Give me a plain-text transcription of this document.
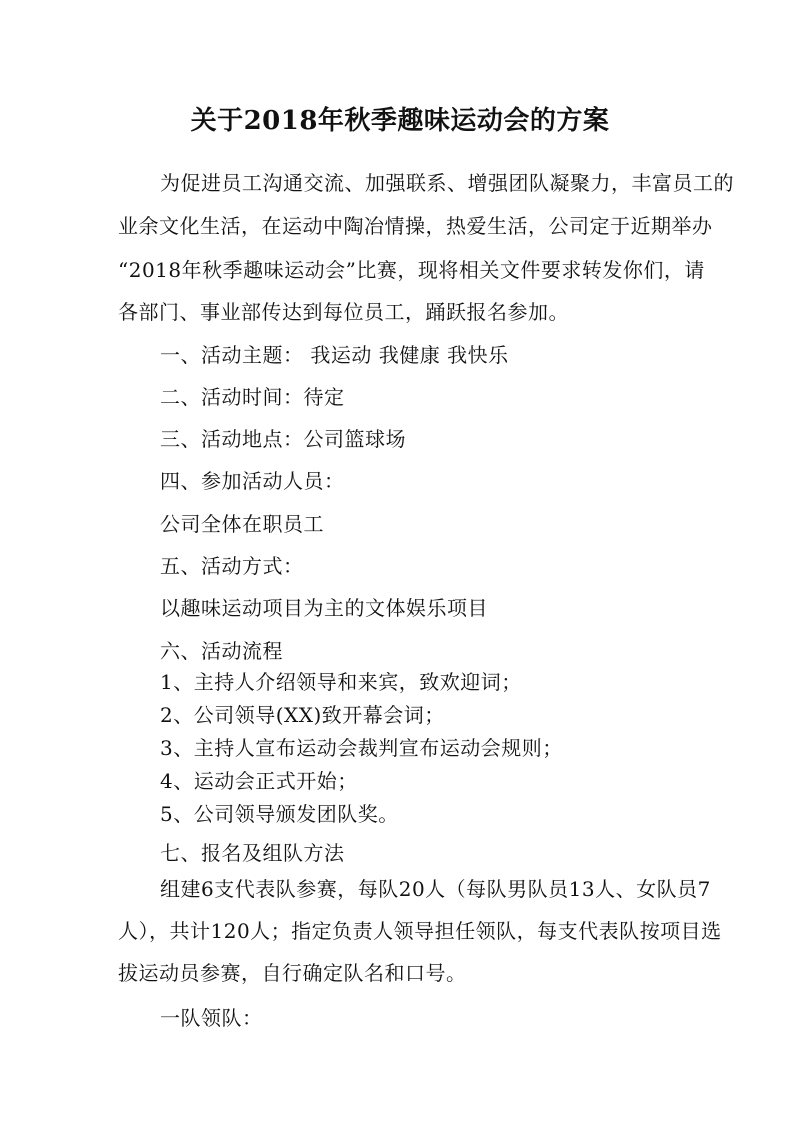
关于2018年秋季趣味运动会的方案
为促进员工沟通交流、加强联系、增强团队凝聚力，丰富员工的
业余文化生活，在运动中陶冶情操，热爱生活，公司定于近期举办
“2018年秋季趣味运动会”比赛，现将相关文件要求转发你们，请
各部门、事业部传达到每位员工，踊跃报名参加。
一、活动主题： 我运动 我健康 我快乐
二、活动时间：待定
三、活动地点：公司篮球场
四、参加活动人员：
公司全体在职员工
五、活动方式：
以趣味运动项目为主的文体娱乐项目
六、活动流程
1、主持人介绍领导和来宾，致欢迎词；
2、公司领导(XX)致开幕会词；
3、主持人宣布运动会裁判宣布运动会规则；
4、运动会正式开始；
5、公司领导颁发团队奖。
七、报名及组队方法
组建6支代表队参赛，每队20人（每队男队员13人、女队员7
人），共计120人；指定负责人领导担任领队，每支代表队按项目选
拔运动员参赛，自行确定队名和口号。
一队领队：
